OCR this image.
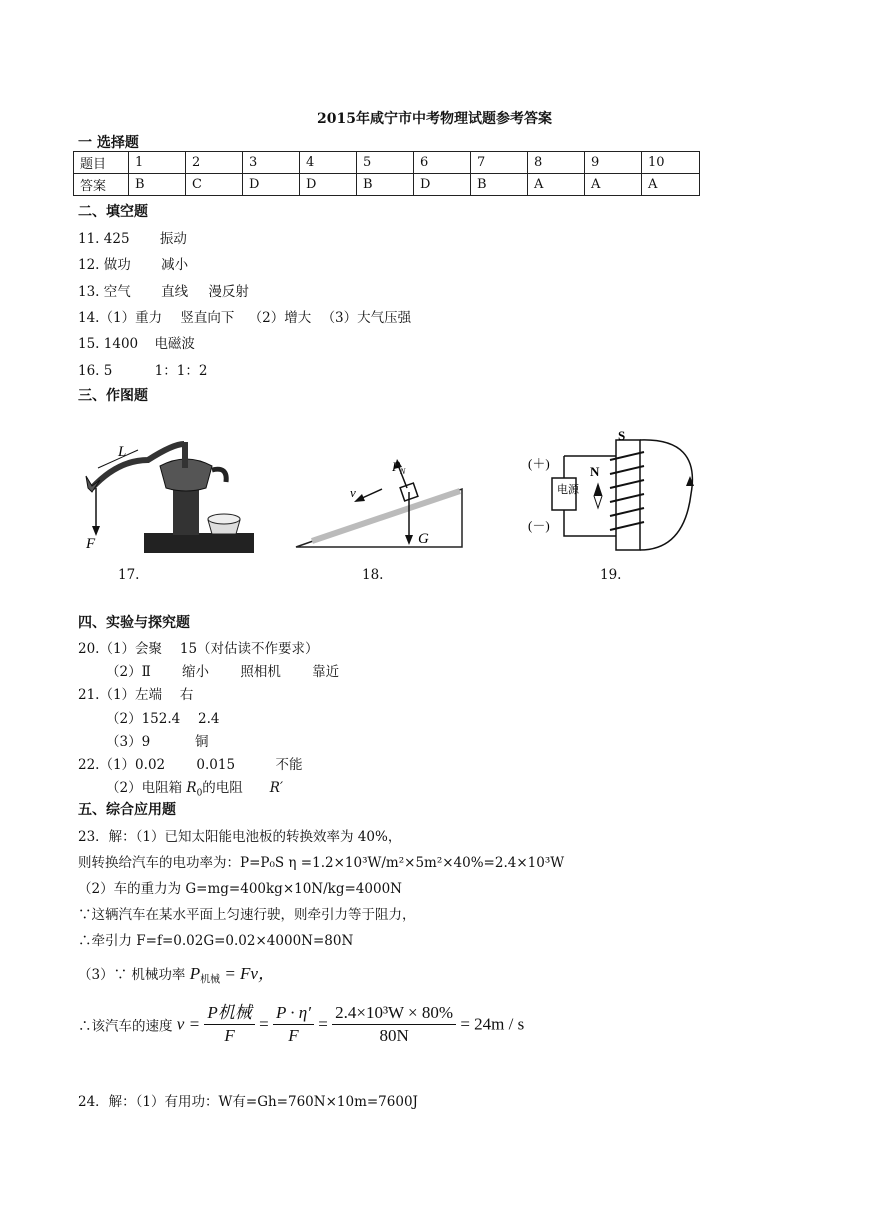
2015年咸宁市中考物理试题参考答案
一 选择题
题目	1	2	3	4	5	6	7	8	9	10
答案	B	C	D	D	B	D	B	A	A	A
二、填空题
11. 425 振动
12. 做功 减小
13. 空气 直线 漫反射
14.（1）重力 竖直向下 （2）增大 （3）大气压强
15. 1400 电磁波
16. 5	1：1：2
三、作图题
L
F
17.
G
$F_N$
v
18.
(＋)
(－)
电源
S
N
19.
四、实验与探究题
20.（1）会聚　 15（对估读不作要求）
（2）Ⅱ　　 缩小　　 照相机　　 靠近
21.（1）左端　 右
（2）152.4　 2.4
（3）9　　　 铜
22.（1）0.02　　 0.015　　　不能
（2）电阻箱 $R_0$的电阻　　R′
五、综合应用题
23．解：（1）已知太阳能电池板的转换效率为 40%，
则转换给汽车的电功率为：P=P₀S η =1.2×10³W/m²×5m²×40%=2.4×10³W
（2）车的重力为 G=mg=400kg×10N/kg=4000N
∵这辆汽车在某水平面上匀速行驶，则牵引力等于阻力，
∴牵引力 F=f=0.02G=0.02×4000N=80N
（3）∵ 机械功率 $P_{机械} = Fv$，
∴该汽车的速度 $v = \frac{\text{P机械}}{F} = \frac{P \cdot \eta'}{F} = \frac{\text{2.4×10³W × 80\%}}{80N} = 24m / s$
24．解：（1）有用功：W有=Gh=760N×10m=7600J
